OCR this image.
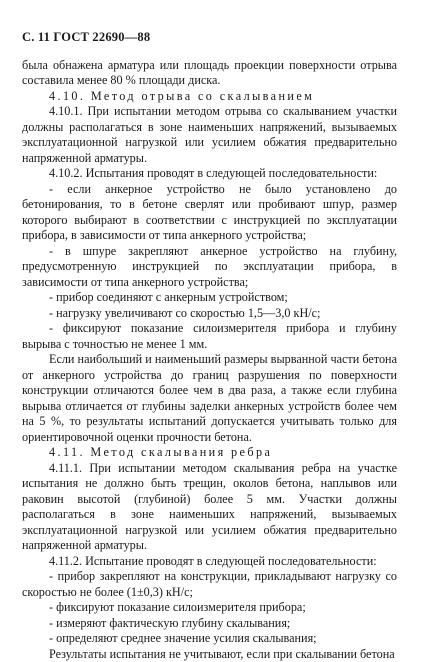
С. 11 ГОСТ 22690—88

была обнажена арматура или площадь проекции поверхности отрыва составила менее 80 % площади диска.

4.10. Метод отрыва со скалыванием

4.10.1. При испытании методом отрыва со скалыванием участки должны располагаться в зоне наименьших напряжений, вызываемых эксплуатационной нагрузкой или усилием обжатия предварительно напряженной арматуры.

4.10.2. Испытания проводят в следующей последовательности:

- если анкерное устройство не было установлено до бетонирования, то в бетоне сверлят или пробивают шпур, размер которого выбирают в соответствии с инструкцией по эксплуатации прибора, в зависимости от типа анкерного устройства;

- в шпуре закрепляют анкерное устройство на глубину, предусмотренную инструкцией по эксплуатации прибора, в зависимости от типа анкерного устройства;

- прибор соединяют с анкерным устройством;

- нагрузку увеличивают со скоростью 1,5—3,0 кН/с;

- фиксируют показание силоизмерителя прибора и глубину вырыва с точностью не менее 1 мм.

Если наибольший и наименьший размеры вырванной части бетона от анкерного устройства до границ разрушения по поверхности конструкции отличаются более чем в два раза, а также если глубина вырыва отличается от глубины заделки анкерных устройств более чем на 5 %, то результаты испытаний допускается учитывать только для ориентировочной оценки прочности бетона.

4.11. Метод скалывания ребра

4.11.1. При испытании методом скалывания ребра на участке испытания не должно быть трещин, околов бетона, наплывов или раковин высотой (глубиной) более 5 мм. Участки должны располагаться в зоне наименьших напряжений, вызываемых эксплуатационной нагрузкой или усилием обжатия предварительно напряженной арматуры.

4.11.2. Испытание проводят в следующей последовательности:

- прибор закрепляют на конструкции, прикладывают нагрузку со скоростью не более (1±0,3) кН/с;

- фиксируют показание силоизмерителя прибора;

- измеряют фактическую глубину скалывания;

- определяют среднее значение усилия скалывания;

Результаты испытания не учитывают, если при скалывании бетона
